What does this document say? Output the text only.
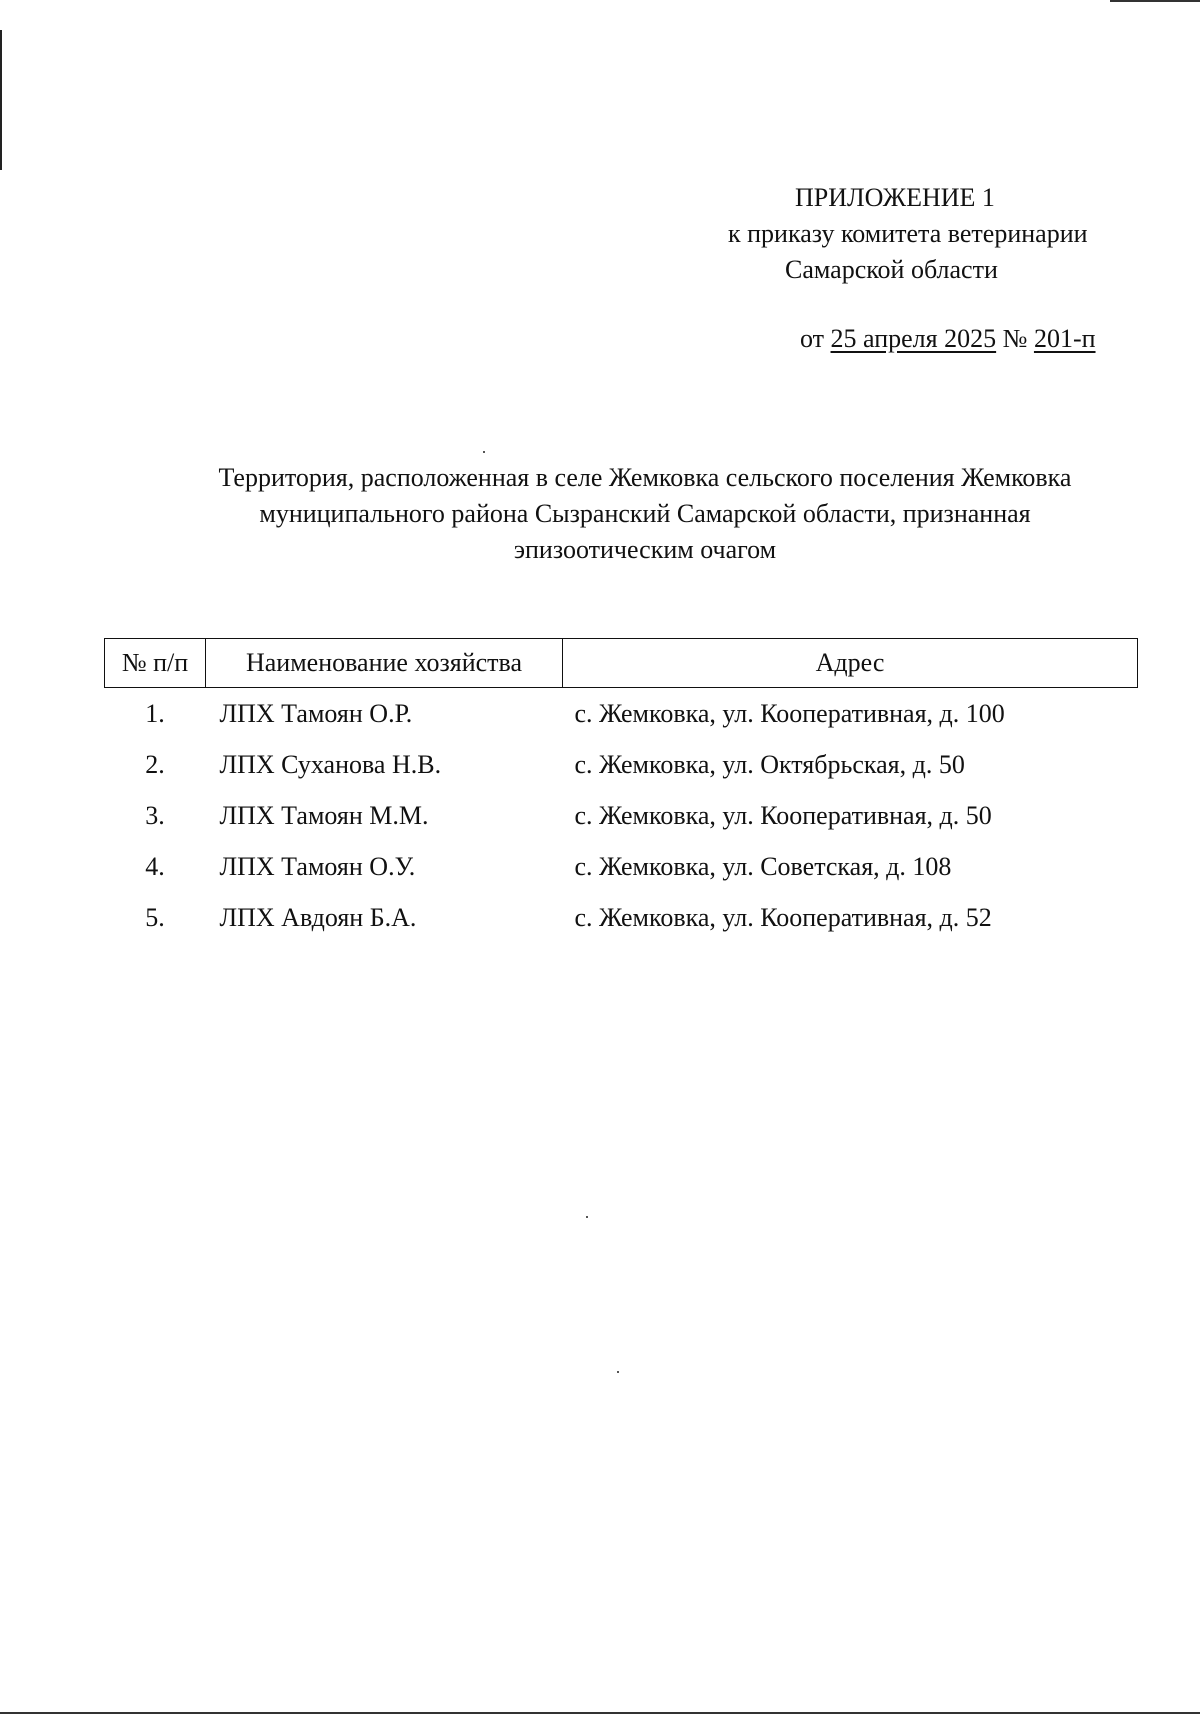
ПРИЛОЖЕНИЕ 1
к приказу комитета ветеринарии
Самарской области
от 25 апреля 2025 № 201-п
Территория, расположенная в селе Жемковка сельского поселения Жемковка
муниципального района Сызранский Самарской области, признанная
эпизоотическим очагом
№ п/п	Наименование хозяйства	Адрес
1.	ЛПХ Тамоян О.Р.	с. Жемковка, ул. Кооперативная, д. 100
2.	ЛПХ Суханова Н.В.	с. Жемковка, ул. Октябрьская, д. 50
3.	ЛПХ Тамоян М.М.	с. Жемковка, ул. Кооперативная, д. 50
4.	ЛПХ Тамоян О.У.	с. Жемковка, ул. Советская, д. 108
5.	ЛПХ Авдоян Б.А.	с. Жемковка, ул. Кооперативная, д. 52
